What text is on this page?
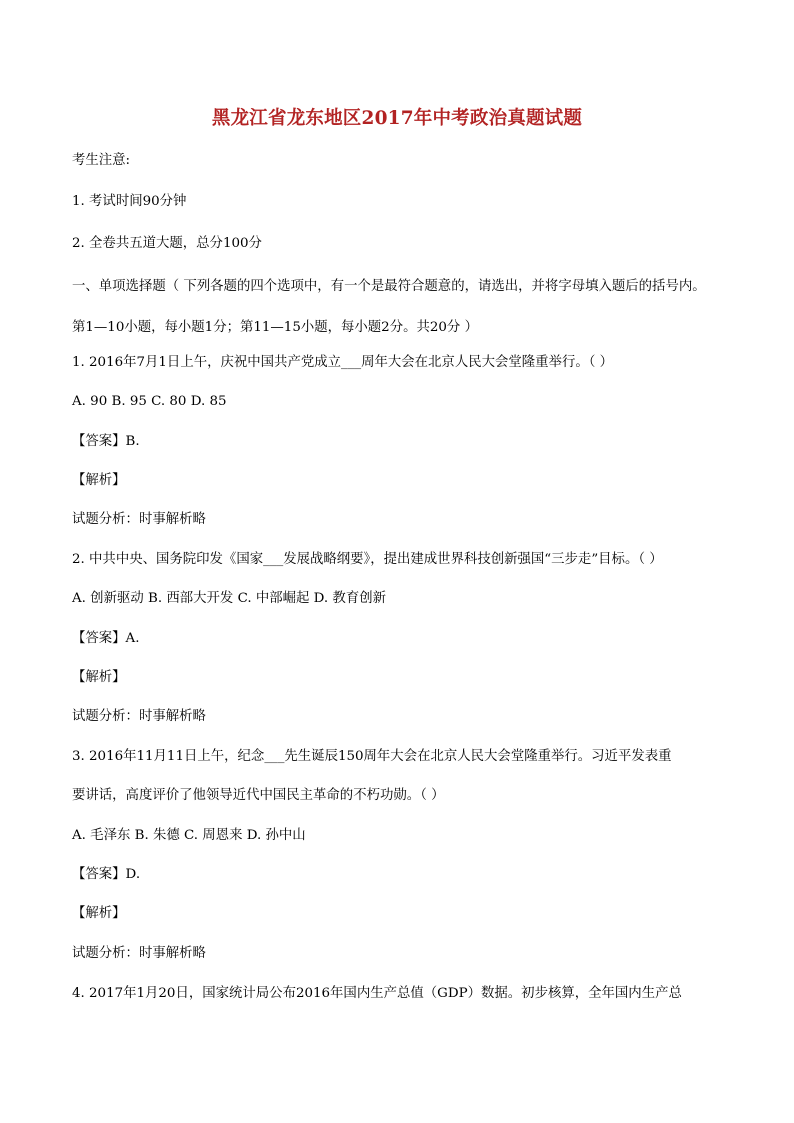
黑龙江省龙东地区2017年中考政治真题试题
考生注意:
1. 考试时间90分钟
2. 全卷共五道大题，总分100分
一、单项选择题（ 下列各题的四个选项中，有一个是最符合题意的，请选出，并将字母填入题后的括号内。
第1—10小题，每小题1分；第11—15小题，每小题2分。共20分 ）
1. 2016年7月1日上午，庆祝中国共产党成立___周年大会在北京人民大会堂隆重举行。（ ）
A. 90 B. 95 C. 80 D. 85
【答案】B.
【解析】
试题分析：时事解析略
2. 中共中央、国务院印发《国家___发展战略纲要》，提出建成世界科技创新强国“三步走”目标。（ ）
A. 创新驱动 B. 西部大开发 C. 中部崛起 D. 教育创新
【答案】A.
【解析】
试题分析：时事解析略
3. 2016年11月11日上午，纪念___先生诞辰150周年大会在北京人民大会堂隆重举行。习近平发表重
要讲话，高度评价了他领导近代中国民主革命的不朽功勋。（ ）
A. 毛泽东 B. 朱德 C. 周恩来 D. 孙中山
【答案】D.
【解析】
试题分析：时事解析略
4. 2017年1月20日，国家统计局公布2016年国内生产总值（GDP）数据。初步核算，全年国内生产总
